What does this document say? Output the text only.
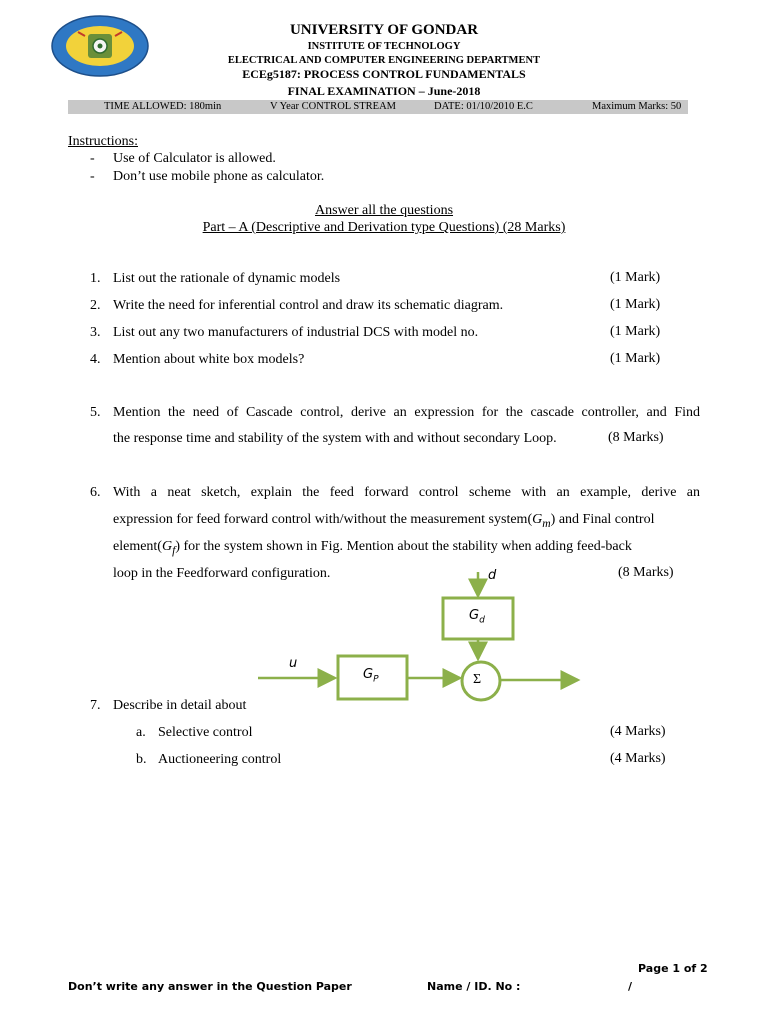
UNIVERSITY OF GONDAR
INSTITUTE OF TECHNOLOGY
ELECTRICAL AND COMPUTER ENGINEERING DEPARTMENT
ECEg5187: PROCESS CONTROL FUNDAMENTALS
FINAL EXAMINATION – June-2018
TIME ALLOWED: 180min	V Year CONTROL STREAM	DATE: 01/10/2010 E.C	Maximum Marks: 50
Instructions:
- Use of Calculator is allowed.
- Don’t use mobile phone as calculator.
Answer all the questions
Part – A (Descriptive and Derivation type Questions) (28 Marks)
1. List out the rationale of dynamic models	(1 Mark)
2. Write the need for inferential control and draw its schematic diagram.	(1 Mark)
3. List out any two manufacturers of industrial DCS with model no.	(1 Mark)
4. Mention about white box models?	(1 Mark)
5. Mention the need of Cascade control, derive an expression for the cascade controller, and Find
the response time and stability of the system with and without secondary Loop.	(8 Marks)
6. With a neat sketch, explain the feed forward control scheme with an example, derive an
expression for feed forward control with/without the measurement $system(G_m)$ and Final control
$element(G_f)$ for the system shown in Fig. Mention about the stability when adding feed-back
loop in the Feedforward configuration.	(8 Marks)
d
$G_d$
u
$G_P$	Σ
7. Describe in detail about
a. Selective control	(4 Marks)
b. Auctioneering control	(4 Marks)
Page 1 of 2
Don’t write any answer in the Question Paper	Name / ID. No :	/
